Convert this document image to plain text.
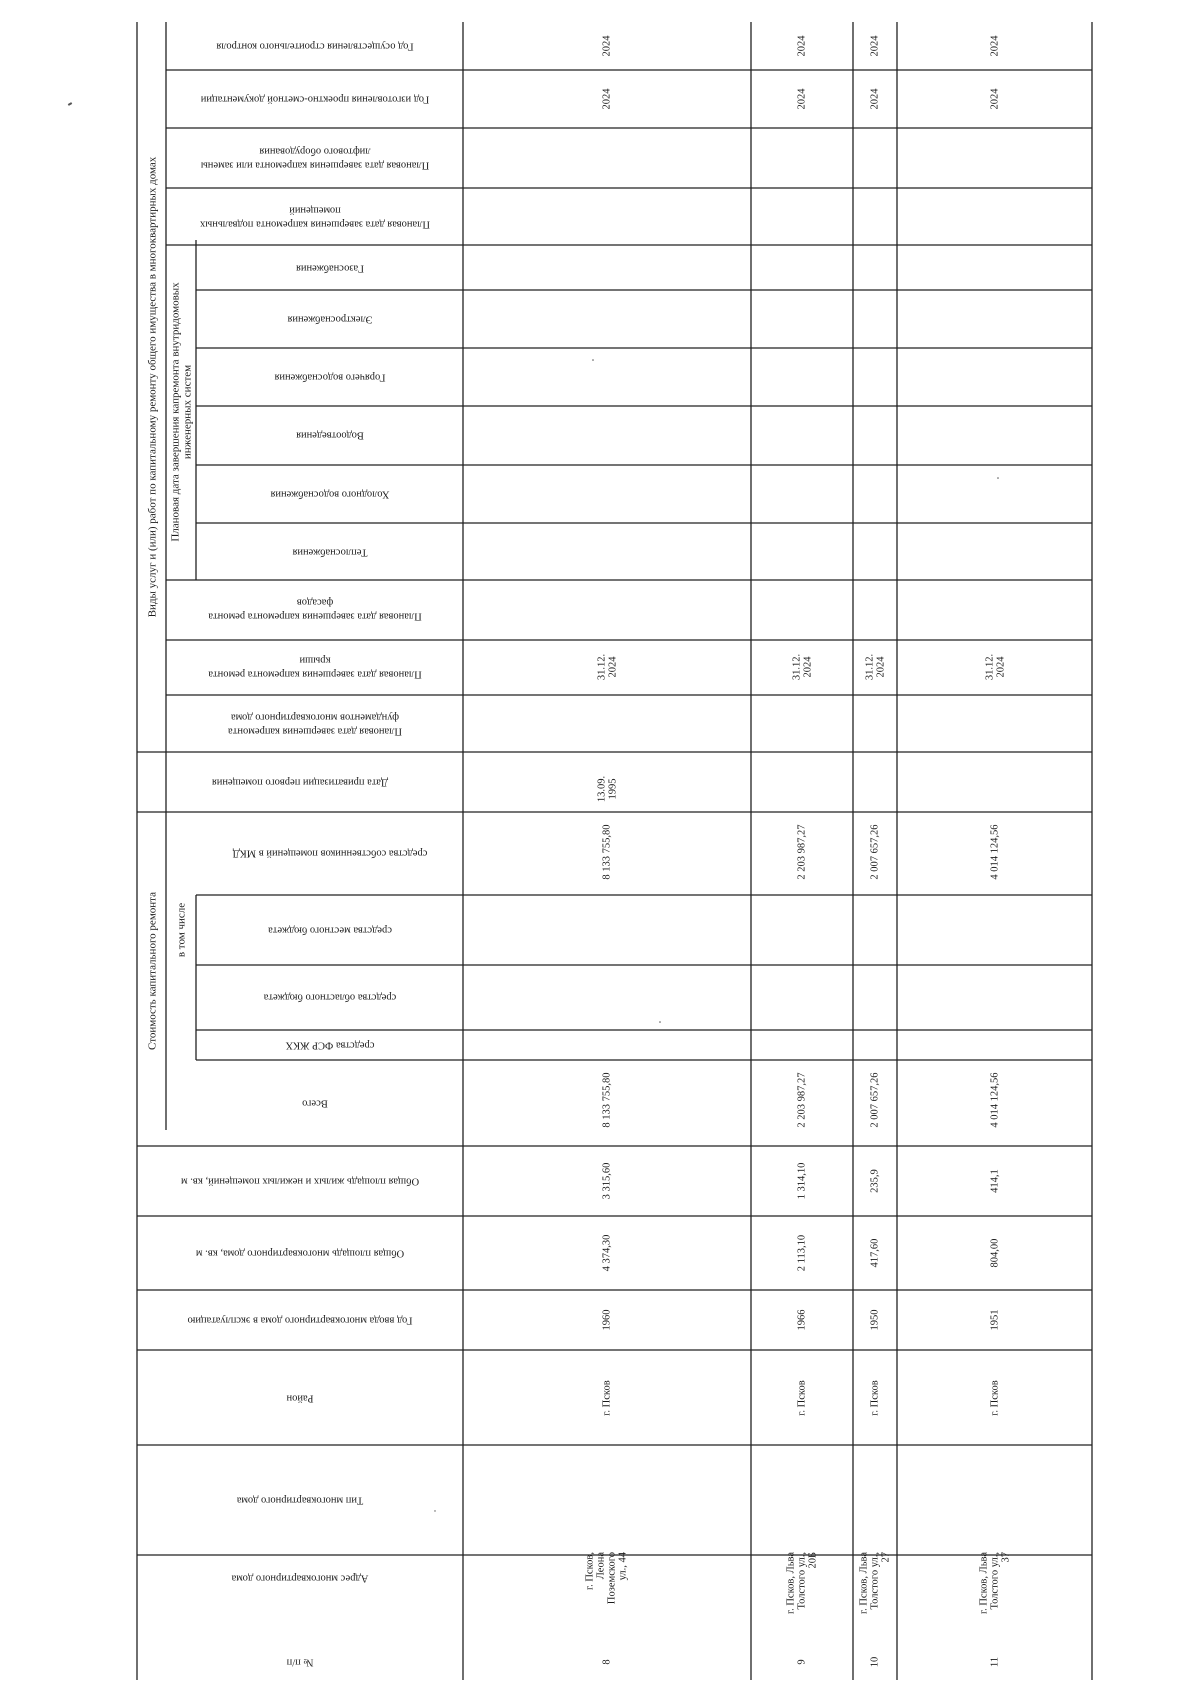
Виды услуг и (или) работ по капитальному ремонту общего имущества в многоквартирных домах Плановая дата завершения капремонта внутридомовых инженерных систем
Стоимость капитального ремонта в том числе
Год осуществления строительного контроля
Год изготовления проектно-сметной документации
Плановая дата завершения капремонта или замены
лифтового оборудования
Плановая дата завершения капремонта подвальных
помещений
Газоснабжения
Электроснабжения
Горячего водоснабжения
Водоотведения
Холодного водоснабжения
Теплоснабжения
Плановая дата завершения капремонта ремонта
фасадов
Плановая дата завершения капремонта ремонта
крыши
Плановая дата завершения капремонта
фундаментов многоквартирного дома
Дата приватизации первого помещения
средства собственников помещений в МКД
средства местного бюджета
средства областного бюджета
средства ФСР ЖКХ
Всего
Общая площадь жилых и нежилых помещений, кв. м
Общая площадь многоквартирного дома, кв. м
Год ввода многоквартирного дома в эксплуатацию
Район
Тип многоквартирного дома
Адрес многоквартирного дома
№ п/п
2024
2024
31.12. 2024
13.09. 1995
8 133 755,80
8 133 755,80
3 315,60
4 374,30
1960
г. Псков
г. Псков, Леона Поземского ул., 44
8
2024
2024
31.12. 2024
2 203 987,27
2 203 987,27
1 314,10
2 113,10
1966
г. Псков
г. Псков, Льва Толстого ул., 20Б
9
2024
2024
31.12. 2024
2 007 657,26
2 007 657,26
235,9
417,60
1950
г. Псков
г. Псков, Льва Толстого ул., 27
10
2024
2024
31.12. 2024
4 014 124,56
4 014 124,56
414,1
804,00
1951
г. Псков
г. Псков, Льва Толстого ул., 37
11
